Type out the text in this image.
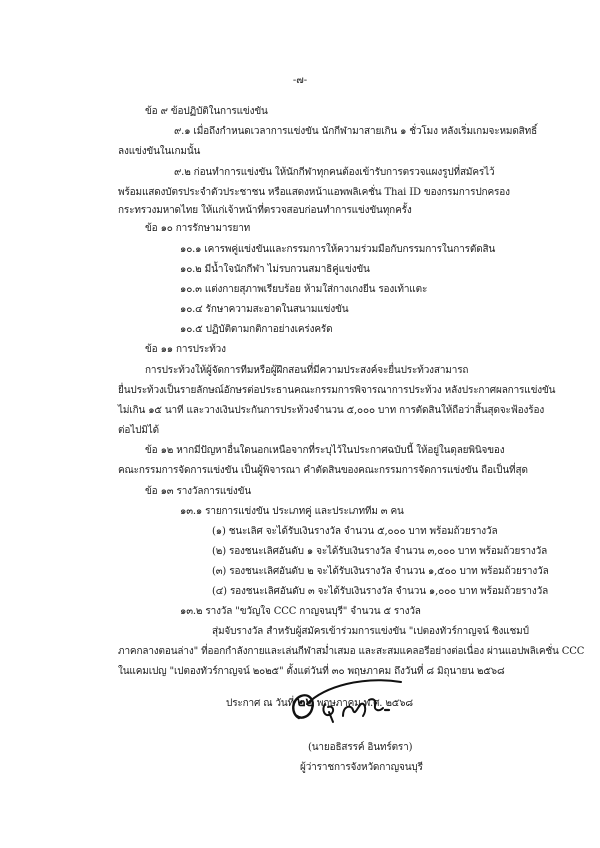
-๗-
ข้อ ๙ ข้อปฏิบัติในการแข่งขัน
๙.๑ เมื่อถึงกำหนดเวลาการแข่งขัน นักกีฬามาสายเกิน ๑ ชั่วโมง หลังเริ่มเกมจะหมดสิทธิ์
ลงแข่งขันในเกมนั้น
๙.๒ ก่อนทำการแข่งขัน ให้นักกีฬาทุกคนต้องเข้ารับการตรวจแผงรูปที่สมัครไว้
พร้อมแสดงบัตรประจำตัวประชาชน หรือแสดงหน้าแอพพลิเคชั่น Thai ID ของกรมการปกครอง
กระทรวงมหาดไทย ให้แก่เจ้าหน้าที่ตรวจสอบก่อนทำการแข่งขันทุกครั้ง
ข้อ ๑๐ การรักษามารยาท
๑๐.๑ เคารพคู่แข่งขันและกรรมการให้ความร่วมมือกับกรรมการในการตัดสิน
๑๐.๒ มีน้ำใจนักกีฬา ไม่รบกวนสมาธิคู่แข่งขัน
๑๐.๓ แต่งกายสุภาพเรียบร้อย ห้ามใส่กางเกงยีน รองเท้าแตะ
๑๐.๔ รักษาความสะอาดในสนามแข่งขัน
๑๐.๕ ปฏิบัติตามกติกาอย่างเคร่งครัด
ข้อ ๑๑ การประท้วง
การประท้วงให้ผู้จัดการทีมหรือผู้ฝึกสอนที่มีความประสงค์จะยื่นประท้วงสามารถ
ยื่นประท้วงเป็นรายลักษณ์อักษรต่อประธานคณะกรรมการพิจารณาการประท้วง หลังประกาศผลการแข่งขัน
ไม่เกิน ๑๕ นาที และวางเงินประกันการประท้วงจำนวน ๕,๐๐๐ บาท การตัดสินให้ถือว่าสิ้นสุดจะฟ้องร้อง
ต่อไปมิได้
ข้อ ๑๒ หากมีปัญหาอื่นใดนอกเหนือจากที่ระบุไว้ในประกาศฉบับนี้ ให้อยู่ในดุลยพินิจของ
คณะกรรมการจัดการแข่งขัน เป็นผู้พิจารณา คำตัดสินของคณะกรรมการจัดการแข่งขัน ถือเป็นที่สุด
ข้อ ๑๓ รางวัลการแข่งขัน
๑๓.๑ รายการแข่งขัน ประเภทคู่ และประเภททีม ๓ คน
(๑) ชนะเลิศ จะได้รับเงินรางวัล จำนวน ๕,๐๐๐ บาท พร้อมถ้วยรางวัล
(๒) รองชนะเลิศอันดับ ๑ จะได้รับเงินรางวัล จำนวน ๓,๐๐๐ บาท พร้อมถ้วยรางวัล
(๓) รองชนะเลิศอันดับ ๒ จะได้รับเงินรางวัล จำนวน ๑,๕๐๐ บาท พร้อมถ้วยรางวัล
(๔) รองชนะเลิศอันดับ ๓ จะได้รับเงินรางวัล จำนวน ๑,๐๐๐ บาท พร้อมถ้วยรางวัล
๑๓.๒ รางวัล "ขวัญใจ CCC กาญจนบุรี" จำนวน ๕ รางวัล
สุ่มจับรางวัล สำหรับผู้สมัครเข้าร่วมการแข่งขัน "เปตองทัวร์กาญจน์ ชิงแชมป์
ภาคกลางตอนล่าง" ที่ออกกำลังกายและเล่นกีฬาสม่ำเสมอ และสะสมแคลอรีอย่างต่อเนื่อง ผ่านแอปพลิเคชั่น CCC
ในแคมเปญ "เปตองทัวร์กาญจน์ ๒๐๒๕" ตั้งแต่วันที่ ๓๐ พฤษภาคม ถึงวันที่ ๘ มิถุนายน ๒๕๖๘
ประกาศ ณ วันที่ ๒๒ พฤษภาคม พ.ศ. ๒๕๖๘
(นายอธิสรรค์ อินทร์ตรา)
ผู้ว่าราชการจังหวัดกาญจนบุรี
